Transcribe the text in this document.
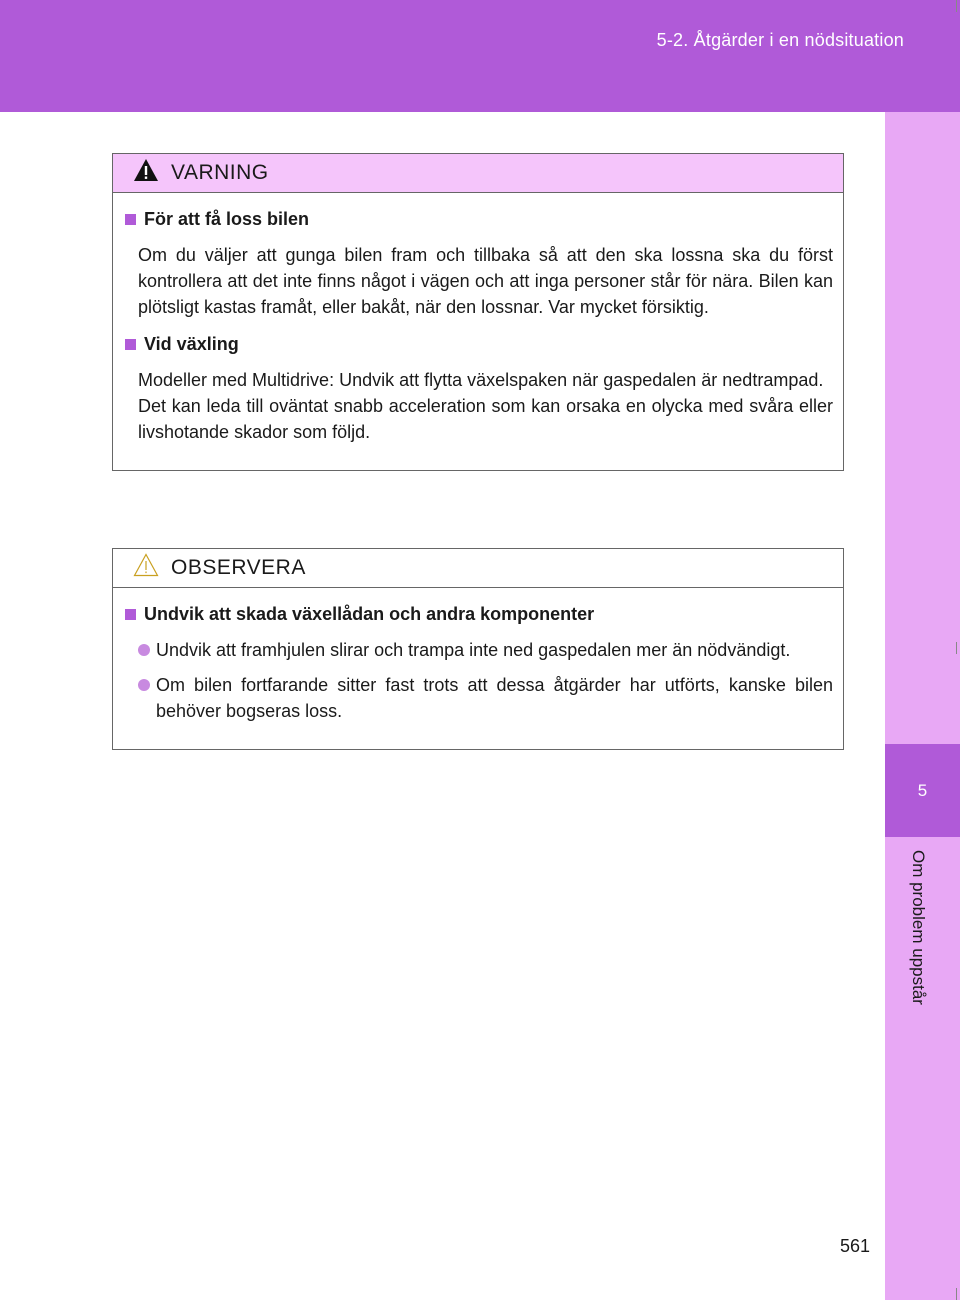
5-2. Åtgärder i en nödsituation
5
Om problem uppstår
VARNING
För att få loss bilen
Om du väljer att gunga bilen fram och tillbaka så att den ska lossna ska du först kontrollera att det inte finns något i vägen och att inga personer står för nära. Bilen kan plötsligt kastas framåt, eller bakåt, när den lossnar. Var mycket försiktig.
Vid växling
Modeller med Multidrive: Undvik att flytta växelspaken när gaspedalen är nedtrampad.
Det kan leda till oväntat snabb acceleration som kan orsaka en olycka med svåra eller livshotande skador som följd.
OBSERVERA
Undvik att skada växellådan och andra komponenter
Undvik att framhjulen slirar och trampa inte ned gaspedalen mer än nödvändigt.
Om bilen fortfarande sitter fast trots att dessa åtgärder har utförts, kanske bilen behöver bogseras loss.
561
